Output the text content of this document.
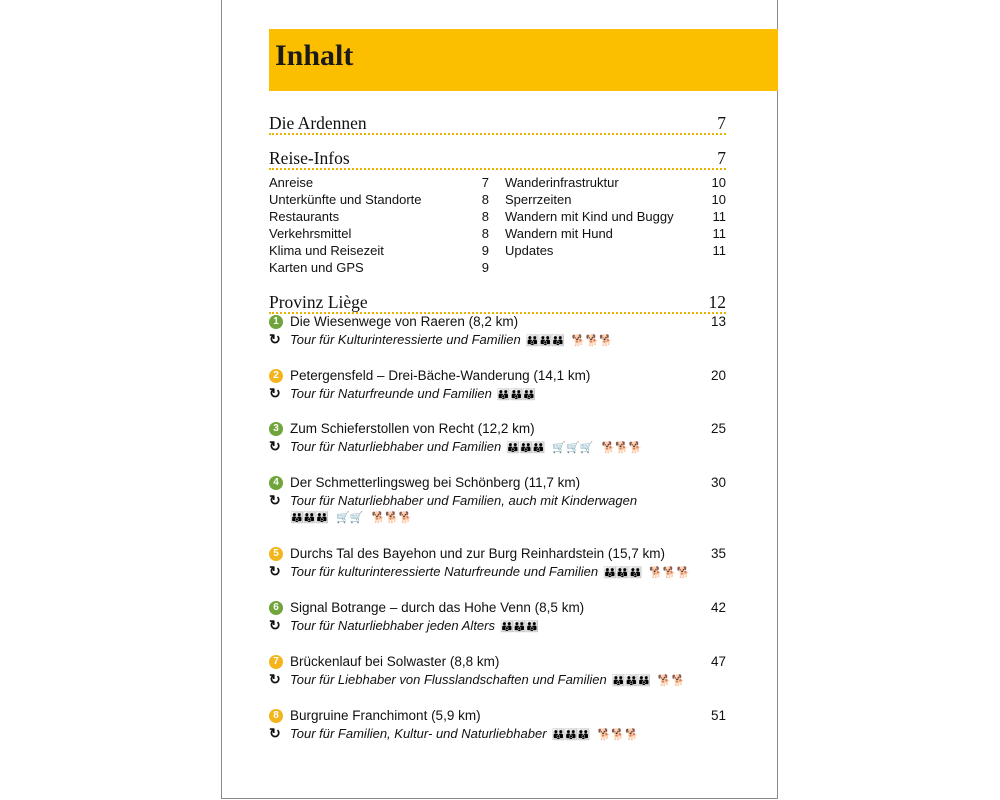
Inhalt
Die Ardennen	7
Reise-Infos	7
Anreise	7
Unterkünfte und Standorte	8
Restaurants	8
Verkehrsmittel	8
Klima und Reisezeit	9
Karten und GPS	9
Wanderinfrastruktur	10
Sperrzeiten	10
Wandern mit Kind und Buggy	11
Wandern mit Hund	11
Updates	11
Provinz Liège	12
1 Die Wiesenwege von Raeren (8,2 km)	13
↻ Tour für Kulturinteressierte und Familien 👪👪👪 🐕🐕🐕
2 Petergensfeld – Drei-Bäche-Wanderung (14,1 km)	20
↻ Tour für Naturfreunde und Familien 👪👪👪
3 Zum Schieferstollen von Recht (12,2 km)	25
↻ Tour für Naturliebhaber und Familien 👪👪👪 🛒🛒🛒 🐕🐕🐕
4 Der Schmetterlingsweg bei Schönberg (11,7 km)	30
↻ Tour für Naturliebhaber und Familien, auch mit Kinderwagen
👪👪👪 🛒🛒 🐕🐕🐕
5 Durchs Tal des Bayehon und zur Burg Reinhardstein (15,7 km)	35
↻ Tour für kulturinteressierte Naturfreunde und Familien 👪👪👪 🐕🐕🐕
6 Signal Botrange – durch das Hohe Venn (8,5 km)	42
↻ Tour für Naturliebhaber jeden Alters 👪👪👪
7 Brückenlauf bei Solwaster (8,8 km)	47
↻ Tour für Liebhaber von Flusslandschaften und Familien 👪👪👪 🐕🐕
8 Burgruine Franchimont (5,9 km)	51
↻ Tour für Familien, Kultur- und Naturliebhaber 👪👪👪 🐕🐕🐕
